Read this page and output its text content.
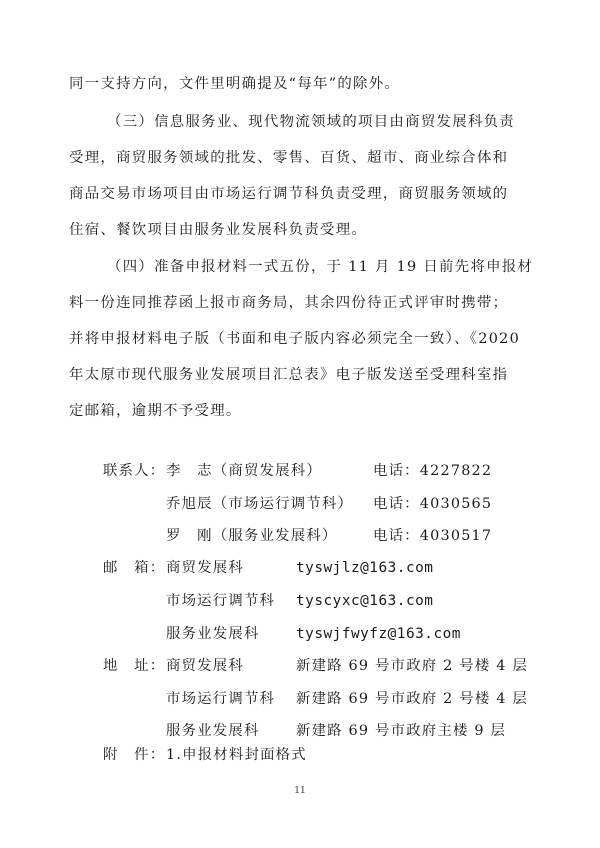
同一支持方向，文件里明确提及“每年”的除外。
（三）信息服务业、现代物流领域的项目由商贸发展科负责
受理，商贸服务领域的批发、零售、百货、超市、商业综合体和
商品交易市场项目由市场运行调节科负责受理，商贸服务领域的
住宿、餐饮项目由服务业发展科负责受理。
（四）准备申报材料一式五份，于 11 月 19 日前先将申报材
料一份连同推荐函上报市商务局，其余四份待正式评审时携带；
并将申报材料电子版（书面和电子版内容必须完全一致）、《2020
年太原市现代服务业发展项目汇总表》电子版发送至受理科室指
定邮箱，逾期不予受理。
联系人： 李　志（商贸发展科）	电话：4227822
乔旭辰（市场运行调节科） 电话：4030565
罗　刚（服务业发展科） 电话：4030517
邮　箱： 商贸发展科	tyswjlz@163.com
市场运行调节科 tyscyxc@163.com
服务业发展科	tyswjfwyfz@163.com
地　址： 商贸发展科	新建路 69 号市政府 2 号楼 4 层
市场运行调节科 新建路 69 号市政府 2 号楼 4 层
服务业发展科	新建路 69 号市政府主楼 9 层
附　件： 1.申报材料封面格式
11
